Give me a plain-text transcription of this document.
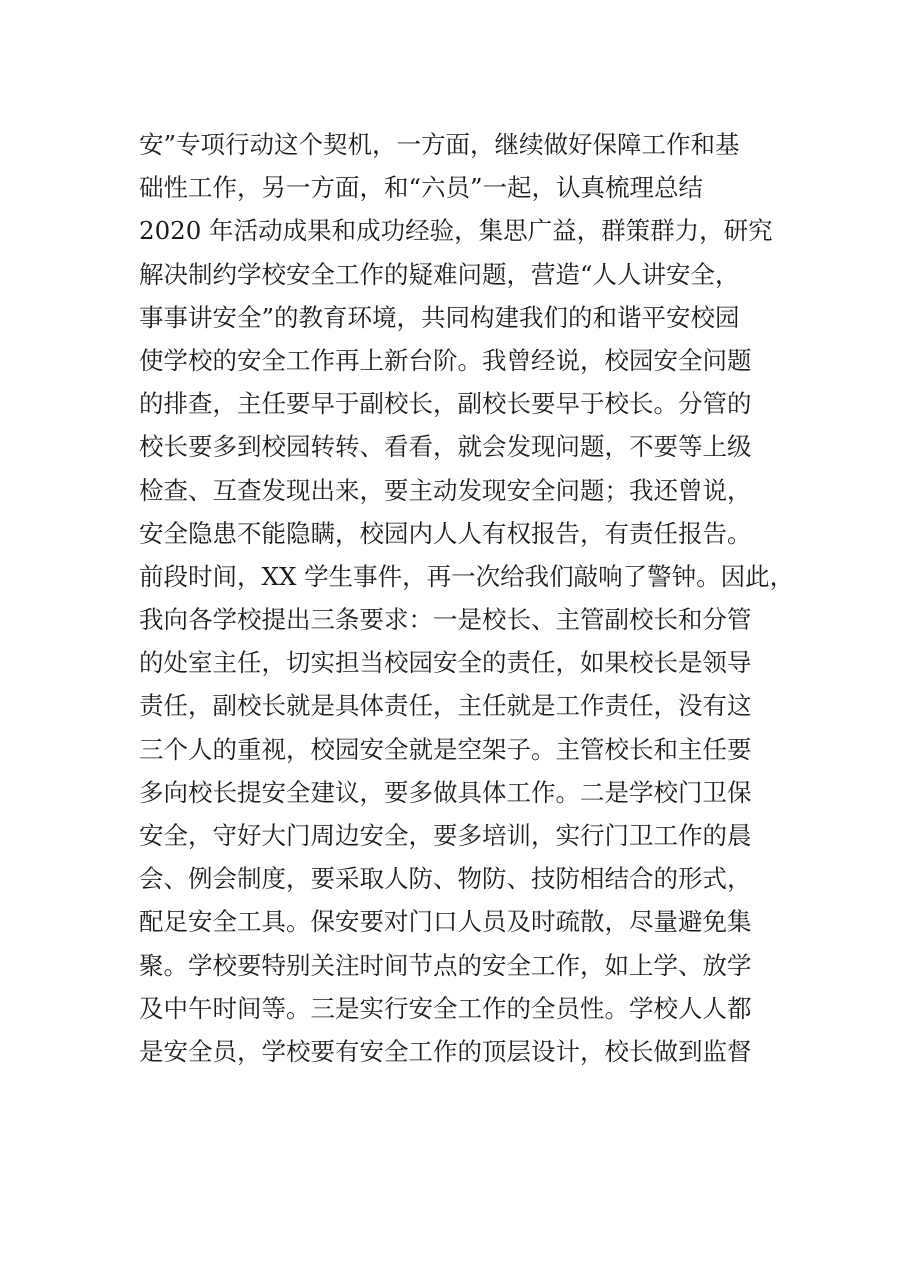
安”专项行动这个契机，一方面，继续做好保障工作和基
础性工作，另一方面，和“六员”一起，认真梳理总结
2020 年活动成果和成功经验，集思广益，群策群力，研究
解决制约学校安全工作的疑难问题，营造“人人讲安全，
事事讲安全”的教育环境，共同构建我们的和谐平安校园
使学校的安全工作再上新台阶。我曾经说，校园安全问题
的排查，主任要早于副校长，副校长要早于校长。分管的
校长要多到校园转转、看看，就会发现问题，不要等上级
检查、互查发现出来，要主动发现安全问题；我还曾说，
安全隐患不能隐瞒，校园内人人有权报告，有责任报告。
前段时间，XX 学生事件，再一次给我们敲响了警钟。因此，
我向各学校提出三条要求：一是校长、主管副校长和分管
的处室主任，切实担当校园安全的责任，如果校长是领导
责任，副校长就是具体责任，主任就是工作责任，没有这
三个人的重视，校园安全就是空架子。主管校长和主任要
多向校长提安全建议，要多做具体工作。二是学校门卫保
安全，守好大门周边安全，要多培训，实行门卫工作的晨
会、例会制度，要采取人防、物防、技防相结合的形式，
配足安全工具。保安要对门口人员及时疏散，尽量避免集
聚。学校要特别关注时间节点的安全工作，如上学、放学
及中午时间等。三是实行安全工作的全员性。学校人人都
是安全员，学校要有安全工作的顶层设计，校长做到监督
